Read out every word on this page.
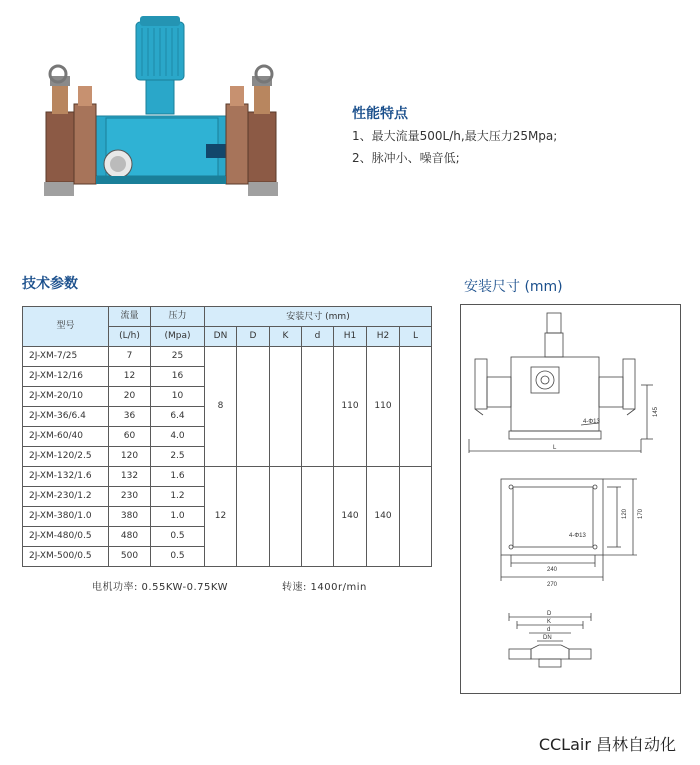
性能特点
1、最大流量500L/h,最大压力25Mpa;
2、脉冲小、噪音低;
技术参数
型号	流量	压力	安装尺寸 (mm)						
	(L/h)	(Mpa)	DN	D	K	d	H1	H2	L
2J-XM-7/25	7	25	8				110	110	
2J-XM-12/16	12	16							
2J-XM-20/10	20	10							
2J-XM-36/6.4	36	6.4							
2J-XM-60/40	60	4.0							
2J-XM-120/2.5	120	2.5							
2J-XM-132/1.6	132	1.6	12				140	140	
2J-XM-230/1.2	230	1.2							
2J-XM-380/1.0	380	1.0							
2J-XM-480/0.5	480	0.5							
2J-XM-500/0.5	500	0.5							
电机功率: 0.55KW-0.75KW	转速: 1400r/min
安装尺寸 (mm)
L
145
4-Φ13
4-Φ13
240
270
120 170
D
K
d
DN
CCLair 昌林自动化
